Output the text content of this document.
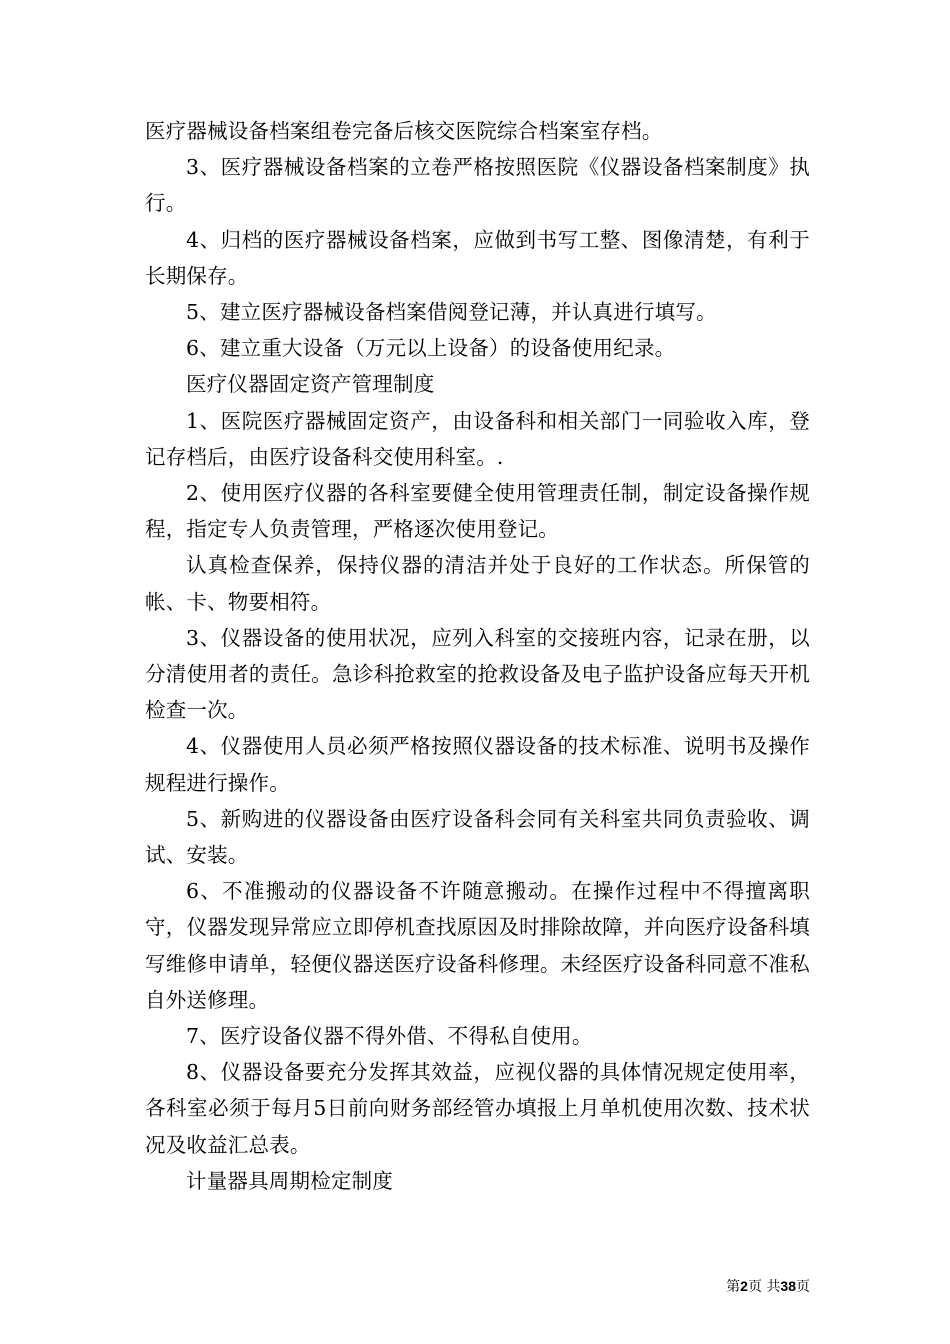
医疗器械设备档案组卷完备后核交医院综合档案室存档。

3、医疗器械设备档案的立卷严格按照医院《仪器设备档案制度》执行。

4、归档的医疗器械设备档案，应做到书写工整、图像清楚，有利于长期保存。

5、建立医疗器械设备档案借阅登记薄，并认真进行填写。

6、建立重大设备（万元以上设备）的设备使用纪录。

医疗仪器固定资产管理制度

1、医院医疗器械固定资产，由设备科和相关部门一同验收入库，登记存档后，由医疗设备科交使用科室。.

2、使用医疗仪器的各科室要健全使用管理责任制，制定设备操作规程，指定专人负责管理，严格逐次使用登记。

认真检查保养，保持仪器的清洁并处于良好的工作状态。所保管的帐、卡、物要相符。

3、仪器设备的使用状况，应列入科室的交接班内容，记录在册，以分清使用者的责任。急诊科抢救室的抢救设备及电子监护设备应每天开机检查一次。

4、仪器使用人员必须严格按照仪器设备的技术标准、说明书及操作规程进行操作。

5、新购进的仪器设备由医疗设备科会同有关科室共同负责验收、调试、安装。

6、不准搬动的仪器设备不许随意搬动。在操作过程中不得擅离职守，仪器发现异常应立即停机查找原因及时排除故障，并向医疗设备科填写维修申请单，轻便仪器送医疗设备科修理。未经医疗设备科同意不准私自外送修理。

7、医疗设备仪器不得外借、不得私自使用。

8、仪器设备要充分发挥其效益，应视仪器的具体情况规定使用率，各科室必须于每月5日前向财务部经管办填报上月单机使用次数、技术状况及收益汇总表。

计量器具周期检定制度

第2页 共38页
